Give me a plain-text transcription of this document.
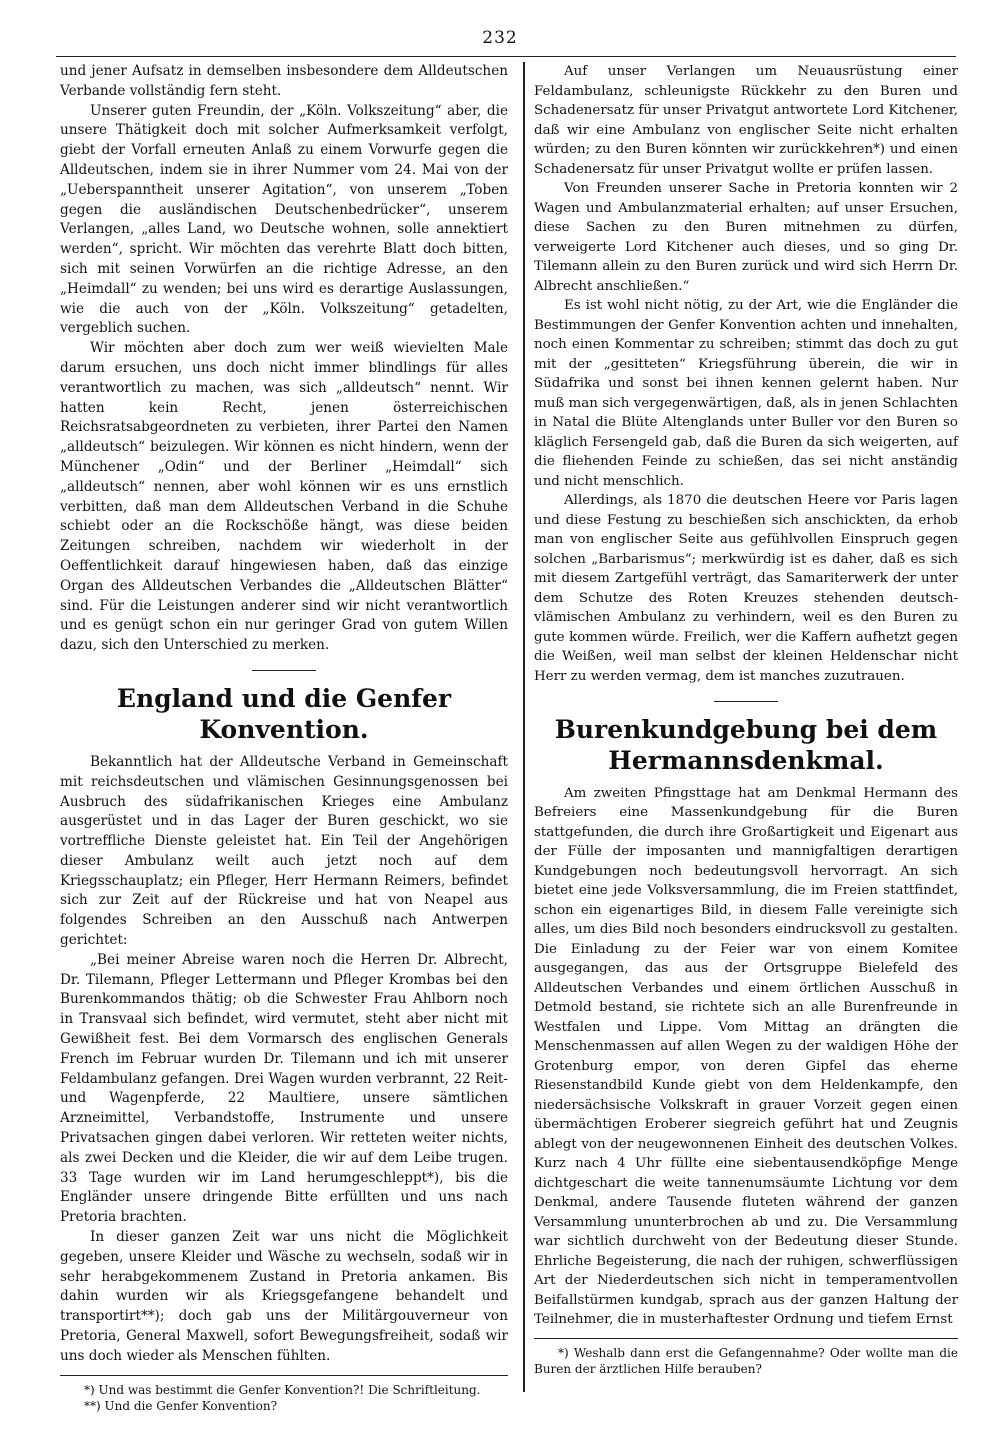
232

und jener Aufsatz in demselben insbesondere dem Alldeutschen Verbande vollständig fern steht.

Unserer guten Freundin, der „Köln. Volkszeitung“ aber, die unsere Thätigkeit doch mit solcher Aufmerksamkeit verfolgt, giebt der Vorfall erneuten Anlaß zu einem Vorwurfe gegen die Alldeutschen, indem sie in ihrer Nummer vom 24. Mai von der „Ueberspanntheit unserer Agitation“, von unserem „Toben gegen die ausländischen Deutschenbedrücker“, unserem Verlangen, „alles Land, wo Deutsche wohnen, solle annektiert werden“, spricht. Wir möchten das verehrte Blatt doch bitten, sich mit seinen Vorwürfen an die richtige Adresse, an den „Heimdall“ zu wenden; bei uns wird es derartige Auslassungen, wie die auch von der „Köln. Volkszeitung“ getadelten, vergeblich suchen.

Wir möchten aber doch zum wer weiß wievielten Male darum ersuchen, uns doch nicht immer blindlings für alles verantwortlich zu machen, was sich „alldeutsch“ nennt. Wir hatten kein Recht, jenen österreichischen Reichsratsabgeordneten zu verbieten, ihrer Partei den Namen „alldeutsch“ beizulegen. Wir können es nicht hindern, wenn der Münchener „Odin“ und der Berliner „Heimdall“ sich „alldeutsch“ nennen, aber wohl können wir es uns ernstlich verbitten, daß man dem Alldeutschen Verband in die Schuhe schiebt oder an die Rockschöße hängt, was diese beiden Zeitungen schreiben, nachdem wir wiederholt in der Oeffentlichkeit darauf hingewiesen haben, daß das einzige Organ des Alldeutschen Verbandes die „Alldeutschen Blätter“ sind. Für die Leistungen anderer sind wir nicht verantwortlich und es genügt schon ein nur geringer Grad von gutem Willen dazu, sich den Unterschied zu merken.

England und die Genfer Konvention.

Bekanntlich hat der Alldeutsche Verband in Gemeinschaft mit reichsdeutschen und vlämischen Gesinnungsgenossen bei Ausbruch des südafrikanischen Krieges eine Ambulanz ausgerüstet und in das Lager der Buren geschickt, wo sie vortreffliche Dienste geleistet hat. Ein Teil der Angehörigen dieser Ambulanz weilt auch jetzt noch auf dem Kriegsschauplatz; ein Pfleger, Herr Hermann Reimers, befindet sich zur Zeit auf der Rückreise und hat von Neapel aus folgendes Schreiben an den Ausschuß nach Antwerpen gerichtet:

„Bei meiner Abreise waren noch die Herren Dr. Albrecht, Dr. Tilemann, Pfleger Lettermann und Pfleger Krombas bei den Burenkommandos thätig; ob die Schwester Frau Ahlborn noch in Transvaal sich befindet, wird vermutet, steht aber nicht mit Gewißheit fest. Bei dem Vormarsch des englischen Generals French im Februar wurden Dr. Tilemann und ich mit unserer Feldambulanz gefangen. Drei Wagen wurden verbrannt, 22 Reit- und Wagenpferde, 22 Maultiere, unsere sämtlichen Arzneimittel, Verbandstoffe, Instrumente und unsere Privatsachen gingen dabei verloren. Wir retteten weiter nichts, als zwei Decken und die Kleider, die wir auf dem Leibe trugen. 33 Tage wurden wir im Land herumgeschleppt*), bis die Engländer unsere dringende Bitte erfüllten und uns nach Pretoria brachten.

In dieser ganzen Zeit war uns nicht die Möglichkeit gegeben, unsere Kleider und Wäsche zu wechseln, sodaß wir in sehr herabgekommenem Zustand in Pretoria ankamen. Bis dahin wurden wir als Kriegsgefangene behandelt und transportirt**); doch gab uns der Militärgouverneur von Pretoria, General Maxwell, sofort Bewegungsfreiheit, sodaß wir uns doch wieder als Menschen fühlten.

*) Und was bestimmt die Genfer Konvention?! Die Schriftleitung.

**) Und die Genfer Konvention?

Auf unser Verlangen um Neuausrüstung einer Feldambulanz, schleunigste Rückkehr zu den Buren und Schadenersatz für unser Privatgut antwortete Lord Kitchener, daß wir eine Ambulanz von englischer Seite nicht erhalten würden; zu den Buren könnten wir zurückkehren*) und einen Schadenersatz für unser Privatgut wollte er prüfen lassen.

Von Freunden unserer Sache in Pretoria konnten wir 2 Wagen und Ambulanzmaterial erhalten; auf unser Ersuchen, diese Sachen zu den Buren mitnehmen zu dürfen, verweigerte Lord Kitchener auch dieses, und so ging Dr. Tilemann allein zu den Buren zurück und wird sich Herrn Dr. Albrecht anschließen.“

Es ist wohl nicht nötig, zu der Art, wie die Engländer die Bestimmungen der Genfer Konvention achten und innehalten, noch einen Kommentar zu schreiben; stimmt das doch zu gut mit der „gesitteten“ Kriegsführung überein, die wir in Südafrika und sonst bei ihnen kennen gelernt haben. Nur muß man sich vergegenwärtigen, daß, als in jenen Schlachten in Natal die Blüte Altenglands unter Buller vor den Buren so kläglich Fersengeld gab, daß die Buren da sich weigerten, auf die fliehenden Feinde zu schießen, das sei nicht anständig und nicht menschlich.

Allerdings, als 1870 die deutschen Heere vor Paris lagen und diese Festung zu beschießen sich anschickten, da erhob man von englischer Seite aus gefühlvollen Einspruch gegen solchen „Barbarismus“; merkwürdig ist es daher, daß es sich mit diesem Zartgefühl verträgt, das Samariterwerk der unter dem Schutze des Roten Kreuzes stehenden deutsch-vlämischen Ambulanz zu verhindern, weil es den Buren zu gute kommen würde. Freilich, wer die Kaffern aufhetzt gegen die Weißen, weil man selbst der kleinen Heldenschar nicht Herr zu werden vermag, dem ist manches zuzutrauen.

Burenkundgebung bei dem Hermannsdenkmal.

Am zweiten Pfingsttage hat am Denkmal Hermann des Befreiers eine Massenkundgebung für die Buren stattgefunden, die durch ihre Großartigkeit und Eigenart aus der Fülle der imposanten und mannigfaltigen derartigen Kundgebungen noch bedeutungsvoll hervorragt. An sich bietet eine jede Volksversammlung, die im Freien stattfindet, schon ein eigenartiges Bild, in diesem Falle vereinigte sich alles, um dies Bild noch besonders eindrucksvoll zu gestalten. Die Einladung zu der Feier war von einem Komitee ausgegangen, das aus der Ortsgruppe Bielefeld des Alldeutschen Verbandes und einem örtlichen Ausschuß in Detmold bestand, sie richtete sich an alle Burenfreunde in Westfalen und Lippe. Vom Mittag an drängten die Menschenmassen auf allen Wegen zu der waldigen Höhe der Grotenburg empor, von deren Gipfel das eherne Riesenstandbild Kunde giebt von dem Heldenkampfe, den niedersächsische Volkskraft in grauer Vorzeit gegen einen übermächtigen Eroberer siegreich geführt hat und Zeugnis ablegt von der neugewonnenen Einheit des deutschen Volkes. Kurz nach 4 Uhr füllte eine siebentausendköpfige Menge dichtgeschart die weite tannenumsäumte Lichtung vor dem Denkmal, andere Tausende fluteten während der ganzen Versammlung ununterbrochen ab und zu. Die Versammlung war sichtlich durchweht von der Bedeutung dieser Stunde. Ehrliche Begeisterung, die nach der ruhigen, schwerflüssigen Art der Niederdeutschen sich nicht in temperamentvollen Beifallstürmen kundgab, sprach aus der ganzen Haltung der Teilnehmer, die in musterhaftester Ordnung und tiefem Ernst

*) Weshalb dann erst die Gefangennahme? Oder wollte man die Buren der ärztlichen Hilfe berauben?
